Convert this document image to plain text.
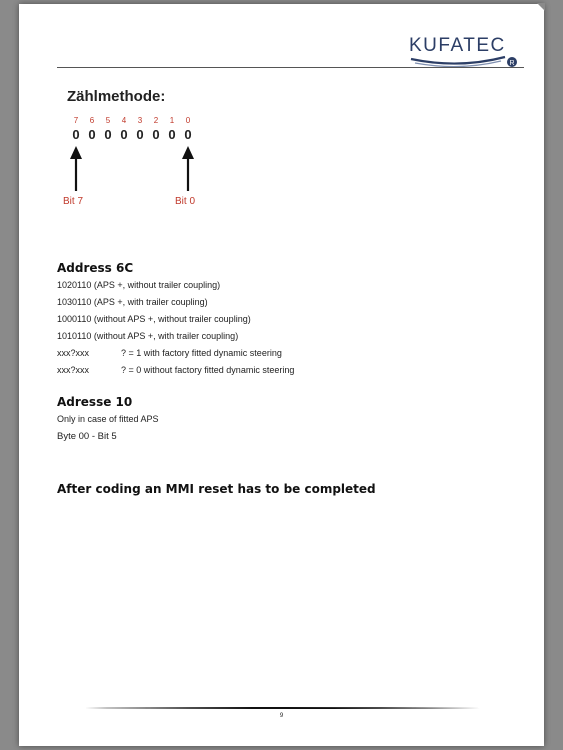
KUFATEC
R
Zählmethode:
7	6	5	4	3	2	1	0
0 0 0 0 0 0 0 0
Bit 7	Bit 0
Address 6C
1020110 (APS +, without trailer coupling)
1030110 (APS +, with trailer coupling)
1000110 (without APS +, without trailer coupling)
1010110 (without APS +, with trailer coupling)
xxx?xxx	? = 1 with factory fitted dynamic steering
xxx?xxx	? = 0 without factory fitted dynamic steering
Adresse 10
Only in case of fitted APS
Byte 00 - Bit 5
After coding an MMI reset has to be completed
9
